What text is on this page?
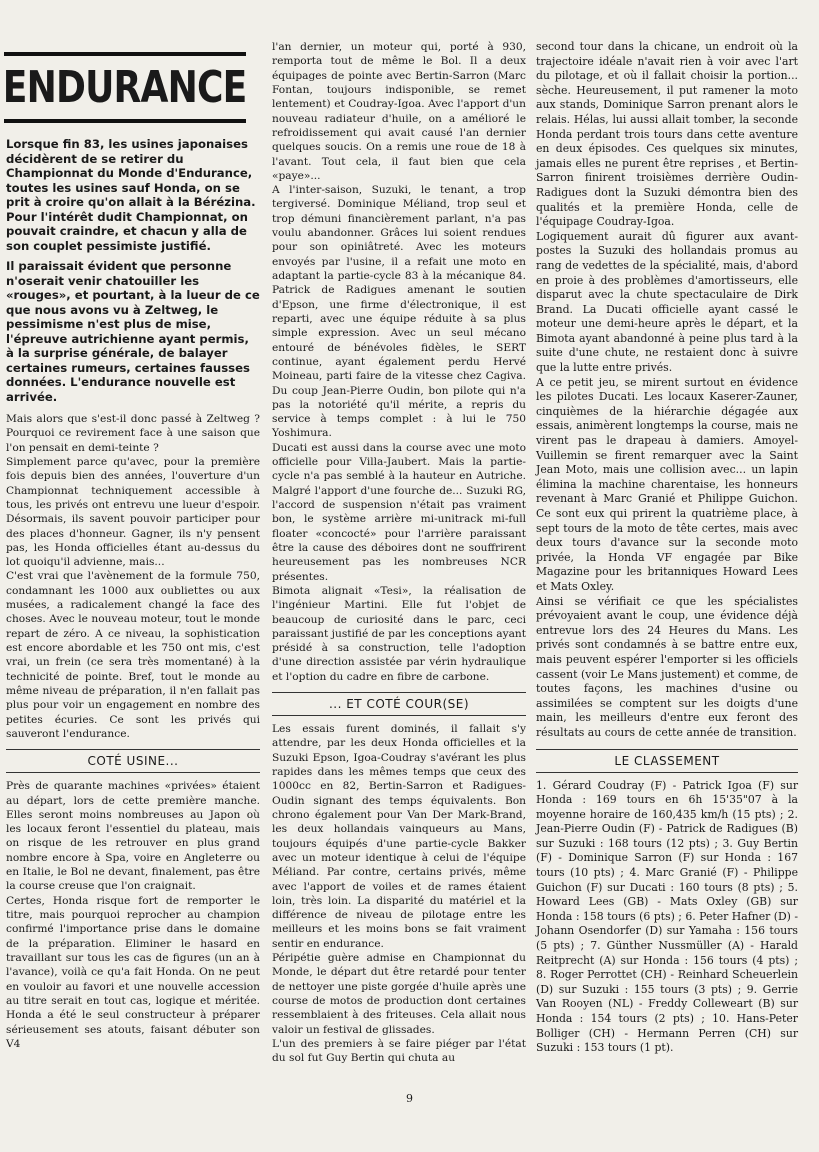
ENDURANCE

Lorsque fin 83, les usines japonaises décidèrent de se retirer du Championnat du Monde d'Endurance, toutes les usines sauf Honda, on se prit à croire qu'on allait à la Bérézina. Pour l'intérêt dudit Championnat, on pouvait craindre, et chacun y alla de son couplet pessimiste justifié.

Il paraissait évident que personne n'oserait venir chatouiller les «rouges», et pourtant, à la lueur de ce que nous avons vu à Zeltweg, le pessimisme n'est plus de mise, l'épreuve autrichienne ayant permis, à la surprise générale, de balayer certaines rumeurs, certaines fausses données. L'endurance nouvelle est arrivée.

Mais alors que s'est-il donc passé à Zeltweg ? Pourquoi ce revirement face à une saison que l'on pensait en demi-teinte ?

Simplement parce qu'avec, pour la première fois depuis bien des années, l'ouverture d'un Championnat techniquement accessible à tous, les privés ont entrevu une lueur d'espoir. Désormais, ils savent pouvoir participer pour des places d'honneur. Gagner, ils n'y pensent pas, les Honda officielles étant au-dessus du lot quoiqu'il advienne, mais...

C'est vrai que l'avènement de la formule 750, condamnant les 1000 aux oubliettes ou aux musées, a radicalement changé la face des choses. Avec le nouveau moteur, tout le monde repart de zéro. A ce niveau, la sophistication est encore abordable et les 750 ont mis, c'est vrai, un frein (ce sera très momentané) à la technicité de pointe. Bref, tout le monde au même niveau de préparation, il n'en fallait pas plus pour voir un engagement en nombre des petites écuries. Ce sont les privés qui sauveront l'endurance.

COTÉ USINE...

Près de quarante machines «privées» étaient au départ, lors de cette première manche. Elles seront moins nombreuses au Japon où les locaux feront l'essentiel du plateau, mais on risque de les retrouver en plus grand nombre encore à Spa, voire en Angleterre ou en Italie, le Bol ne devant, finalement, pas être la course creuse que l'on craignait.

Certes, Honda risque fort de remporter le titre, mais pourquoi reprocher au champion confirmé l'importance prise dans le domaine de la préparation. Eliminer le hasard en travaillant sur tous les cas de figures (un an à l'avance), voilà ce qu'a fait Honda. On ne peut en vouloir au favori et une nouvelle accession au titre serait en tout cas, logique et méritée. Honda a été le seul constructeur à préparer sérieusement ses atouts, faisant débuter son V4

l'an dernier, un moteur qui, porté à 930, remporta tout de même le Bol. Il a deux équipages de pointe avec Bertin-Sarron (Marc Fontan, toujours indisponible, se remet lentement) et Coudray-Igoa. Avec l'apport d'un nouveau radiateur d'huile, on a amélioré le refroidissement qui avait causé l'an dernier quelques soucis. On a remis une roue de 18 à l'avant. Tout cela, il faut bien que cela «paye»...

A l'inter-saison, Suzuki, le tenant, a trop tergiversé. Dominique Méliand, trop seul et trop démuni financièrement parlant, n'a pas voulu abandonner. Grâces lui soient rendues pour son opiniâtreté. Avec les moteurs envoyés par l'usine, il a refait une moto en adaptant la partie-cycle 83 à la mécanique 84. Patrick de Radigues amenant le soutien d'Epson, une firme d'électronique, il est reparti, avec une équipe réduite à sa plus simple expression. Avec un seul mécano entouré de bénévoles fidèles, le SERT continue, ayant également perdu Hervé Moineau, parti faire de la vitesse chez Cagiva. Du coup Jean-Pierre Oudin, bon pilote qui n'a pas la notoriété qu'il mérite, a repris du service à temps complet : à lui le 750 Yoshimura.

Ducati est aussi dans la course avec une moto officielle pour Villa-Jaubert. Mais la partie-cycle n'a pas semblé à la hauteur en Autriche. Malgré l'apport d'une fourche de... Suzuki RG, l'accord de suspension n'était pas vraiment bon, le système arrière mi-unitrack mi-full floater «concocté» pour l'arrière paraissant être la cause des déboires dont ne souffrirent heureusement pas les nombreuses NCR présentes.

Bimota alignait «Tesi», la réalisation de l'ingénieur Martini. Elle fut l'objet de beaucoup de curiosité dans le parc, ceci paraissant justifié de par les conceptions ayant présidé à sa construction, telle l'adoption d'une direction assistée par vérin hydraulique et l'option du cadre en fibre de carbone.

... ET COTÉ COUR(SE)

Les essais furent dominés, il fallait s'y attendre, par les deux Honda officielles et la Suzuki Epson, Igoa-Coudray s'avérant les plus rapides dans les mêmes temps que ceux des 1000cc en 82, Bertin-Sarron et Radigues-Oudin signant des temps équivalents. Bon chrono également pour Van Der Mark-Brand, les deux hollandais vainqueurs au Mans, toujours équipés d'une partie-cycle Bakker avec un moteur identique à celui de l'équipe Méliand. Par contre, certains privés, même avec l'apport de voiles et de rames étaient loin, très loin. La disparité du matériel et la différence de niveau de pilotage entre les meilleurs et les moins bons se fait vraiment sentir en endurance.

Péripétie guère admise en Championnat du Monde, le départ dut être retardé pour tenter de nettoyer une piste gorgée d'huile après une course de motos de production dont certaines ressemblaient à des friteuses. Cela allait nous valoir un festival de glissades.

L'un des premiers à se faire piéger par l'état du sol fut Guy Bertin qui chuta au

second tour dans la chicane, un endroit où la trajectoire idéale n'avait rien à voir avec l'art du pilotage, et où il fallait choisir la portion... sèche. Heureusement, il put ramener la moto aux stands, Dominique Sarron prenant alors le relais. Hélas, lui aussi allait tomber, la seconde Honda perdant trois tours dans cette aventure en deux épisodes. Ces quelques six minutes, jamais elles ne purent être reprises , et Bertin-Sarron finirent troisièmes derrière Oudin-Radigues dont la Suzuki démontra bien des qualités et la première Honda, celle de l'équipage Coudray-Igoa.

Logiquement aurait dû figurer aux avant-postes la Suzuki des hollandais promus au rang de vedettes de la spécialité, mais, d'abord en proie à des problèmes d'amortisseurs, elle disparut avec la chute spectaculaire de Dirk Brand. La Ducati officielle ayant cassé le moteur une demi-heure après le départ, et la Bimota ayant abandonné à peine plus tard à la suite d'une chute, ne restaient donc à suivre que la lutte entre privés.

A ce petit jeu, se mirent surtout en évidence les pilotes Ducati. Les locaux Kaserer-Zauner, cinquièmes de la hiérarchie dégagée aux essais, animèrent longtemps la course, mais ne virent pas le drapeau à damiers. Amoyel-Vuillemin se firent remarquer avec la Saint Jean Moto, mais une collision avec... un lapin élimina la machine charentaise, les honneurs revenant à Marc Granié et Philippe Guichon. Ce sont eux qui prirent la quatrième place, à sept tours de la moto de tête certes, mais avec deux tours d'avance sur la seconde moto privée, la Honda VF engagée par Bike Magazine pour les britanniques Howard Lees et Mats Oxley.

Ainsi se vérifiait ce que les spécialistes prévoyaient avant le coup, une évidence déjà entrevue lors des 24 Heures du Mans. Les privés sont condamnés à se battre entre eux, mais peuvent espérer l'emporter si les officiels cassent (voir Le Mans justement) et comme, de toutes façons, les machines d'usine ou assimilées se comptent sur les doigts d'une main, les meilleurs d'entre eux feront des résultats au cours de cette année de transition.

LE CLASSEMENT

1. Gérard Coudray (F) - Patrick Igoa (F) sur Honda : 169 tours en 6h 15'35"07 à la moyenne horaire de 160,435 km/h (15 pts) ; 2. Jean-Pierre Oudin (F) - Patrick de Radigues (B) sur Suzuki : 168 tours (12 pts) ; 3. Guy Bertin (F) - Dominique Sarron (F) sur Honda : 167 tours (10 pts) ; 4. Marc Granié (F) - Philippe Guichon (F) sur Ducati : 160 tours (8 pts) ; 5. Howard Lees (GB) - Mats Oxley (GB) sur Honda : 158 tours (6 pts) ; 6. Peter Hafner (D) - Johann Osendorfer (D) sur Yamaha : 156 tours (5 pts) ; 7. Günther Nussmüller (A) - Harald Reitprecht (A) sur Honda : 156 tours (4 pts) ; 8. Roger Perrottet (CH) - Reinhard Scheuerlein (D) sur Suzuki : 155 tours (3 pts) ; 9. Gerrie Van Rooyen (NL) - Freddy Colleweart (B) sur Honda : 154 tours (2 pts) ; 10. Hans-Peter Bolliger (CH) - Hermann Perren (CH) sur Suzuki : 153 tours (1 pt).

9
